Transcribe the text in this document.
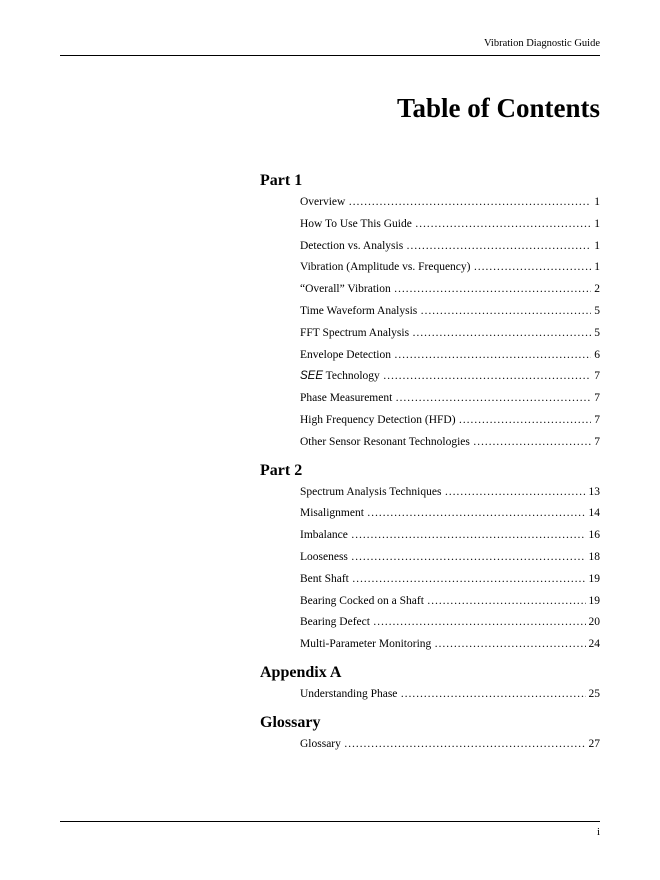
Vibration Diagnostic Guide
Table of Contents
Part 1
Overview ……………………………………………………………………………………………………………………………………	1
How To Use This Guide ……………………………………………………………………………………………………………………………………	1
Detection vs. Analysis ……………………………………………………………………………………………………………………………………	1
Vibration (Amplitude vs. Frequency) ……………………………………………………………………………………………………………………………………	1
“Overall” Vibration ……………………………………………………………………………………………………………………………………	2
Time Waveform Analysis ……………………………………………………………………………………………………………………………………	5
FFT Spectrum Analysis ……………………………………………………………………………………………………………………………………	5
Envelope Detection ……………………………………………………………………………………………………………………………………	6
SEE Technology ……………………………………………………………………………………………………………………………………	7
Phase Measurement ……………………………………………………………………………………………………………………………………	7
High Frequency Detection (HFD) ……………………………………………………………………………………………………………………………………	7
Other Sensor Resonant Technologies ……………………………………………………………………………………………………………………………………	7
Part 2
Spectrum Analysis Techniques ……………………………………………………………………………………………………………………………………	13
Misalignment ……………………………………………………………………………………………………………………………………	14
Imbalance ……………………………………………………………………………………………………………………………………	16
Looseness ……………………………………………………………………………………………………………………………………	18
Bent Shaft ……………………………………………………………………………………………………………………………………	19
Bearing Cocked on a Shaft ……………………………………………………………………………………………………………………………………	19
Bearing Defect ……………………………………………………………………………………………………………………………………	20
Multi-Parameter Monitoring ……………………………………………………………………………………………………………………………………	24
Appendix A
Understanding Phase ……………………………………………………………………………………………………………………………………	25
Glossary
Glossary ……………………………………………………………………………………………………………………………………	27
i
